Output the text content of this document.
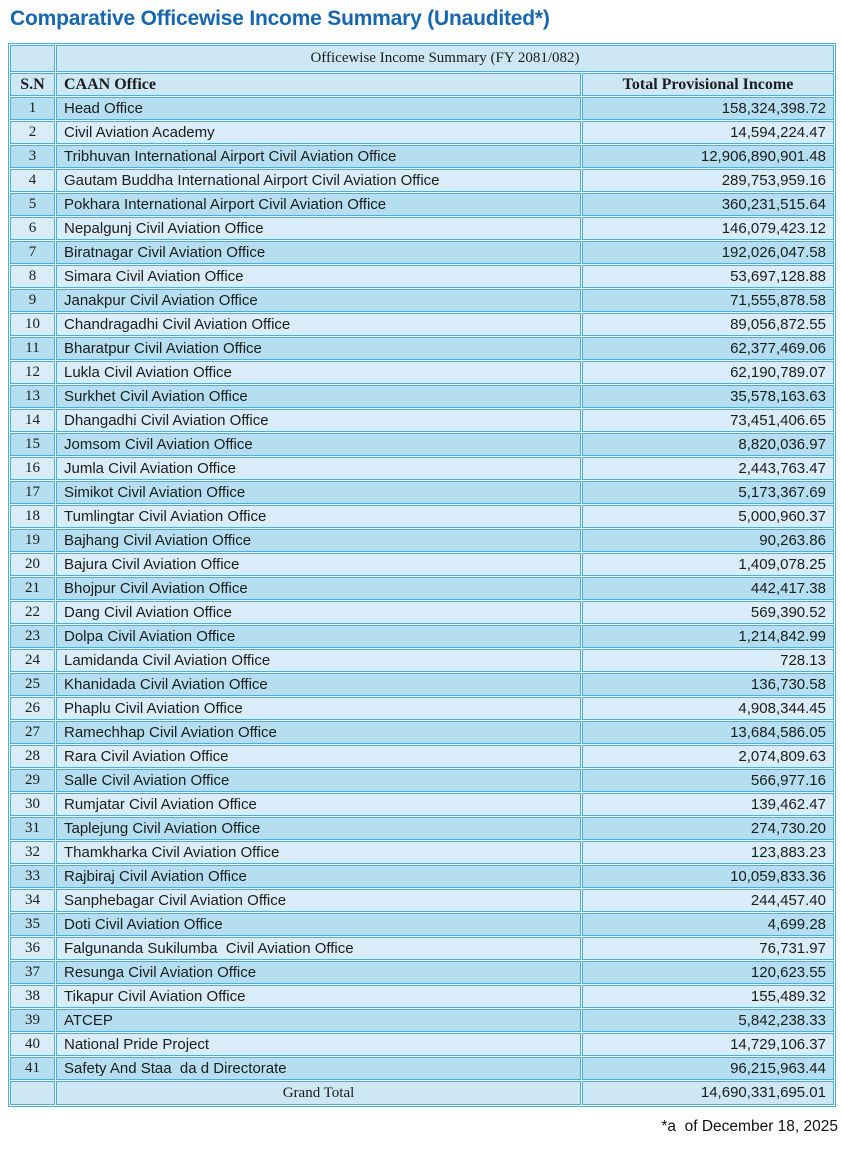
Comparative Officewise Income Summary (Unaudited*)
	Officewise Income Summary (FY 2081/082)	
S.N	CAAN Office	Total Provisional Income
1	Head Office	158,324,398.72
2	Civil Aviation Academy	14,594,224.47
3	Tribhuvan International Airport Civil Aviation Office	12,906,890,901.48
4	Gautam Buddha International Airport Civil Aviation Office	289,753,959.16
5	Pokhara International Airport Civil Aviation Office	360,231,515.64
6	Nepalgunj Civil Aviation Office	146,079,423.12
7	Biratnagar Civil Aviation Office	192,026,047.58
8	Simara Civil Aviation Office	53,697,128.88
9	Janakpur Civil Aviation Office	71,555,878.58
10	Chandragadhi Civil Aviation Office	89,056,872.55
11	Bharatpur Civil Aviation Office	62,377,469.06
12	Lukla Civil Aviation Office	62,190,789.07
13	Surkhet Civil Aviation Office	35,578,163.63
14	Dhangadhi Civil Aviation Office	73,451,406.65
15	Jomsom Civil Aviation Office	8,820,036.97
16	Jumla Civil Aviation Office	2,443,763.47
17	Simikot Civil Aviation Office	5,173,367.69
18	Tumlingtar Civil Aviation Office	5,000,960.37
19	Bajhang Civil Aviation Office	90,263.86
20	Bajura Civil Aviation Office	1,409,078.25
21	Bhojpur Civil Aviation Office	442,417.38
22	Dang Civil Aviation Office	569,390.52
23	Dolpa Civil Aviation Office	1,214,842.99
24	Lamidanda Civil Aviation Office	728.13
25	Khanidada Civil Aviation Office	136,730.58
26	Phaplu Civil Aviation Office	4,908,344.45
27	Ramechhap Civil Aviation Office	13,684,586.05
28	Rara Civil Aviation Office	2,074,809.63
29	Salle Civil Aviation Office	566,977.16
30	Rumjatar Civil Aviation Office	139,462.47
31	Taplejung Civil Aviation Office	274,730.20
32	Thamkharka Civil Aviation Office	123,883.23
33	Rajbiraj Civil Aviation Office	10,059,833.36
34	Sanphebagar Civil Aviation Office	244,457.40
35	Doti Civil Aviation Office	4,699.28
36	Falgunanda Sukilumba  Civil Aviation Office	76,731.97
37	Resunga Civil Aviation Office	120,623.55
38	Tikapur Civil Aviation Office	155,489.32
39	ATCEP	5,842,238.33
40	National Pride Project	14,729,106.37
41	Safety And Staа  dа d Directorate	96,215,963.44
	Grand Total	14,690,331,695.01
*a  of December 18, 2025
